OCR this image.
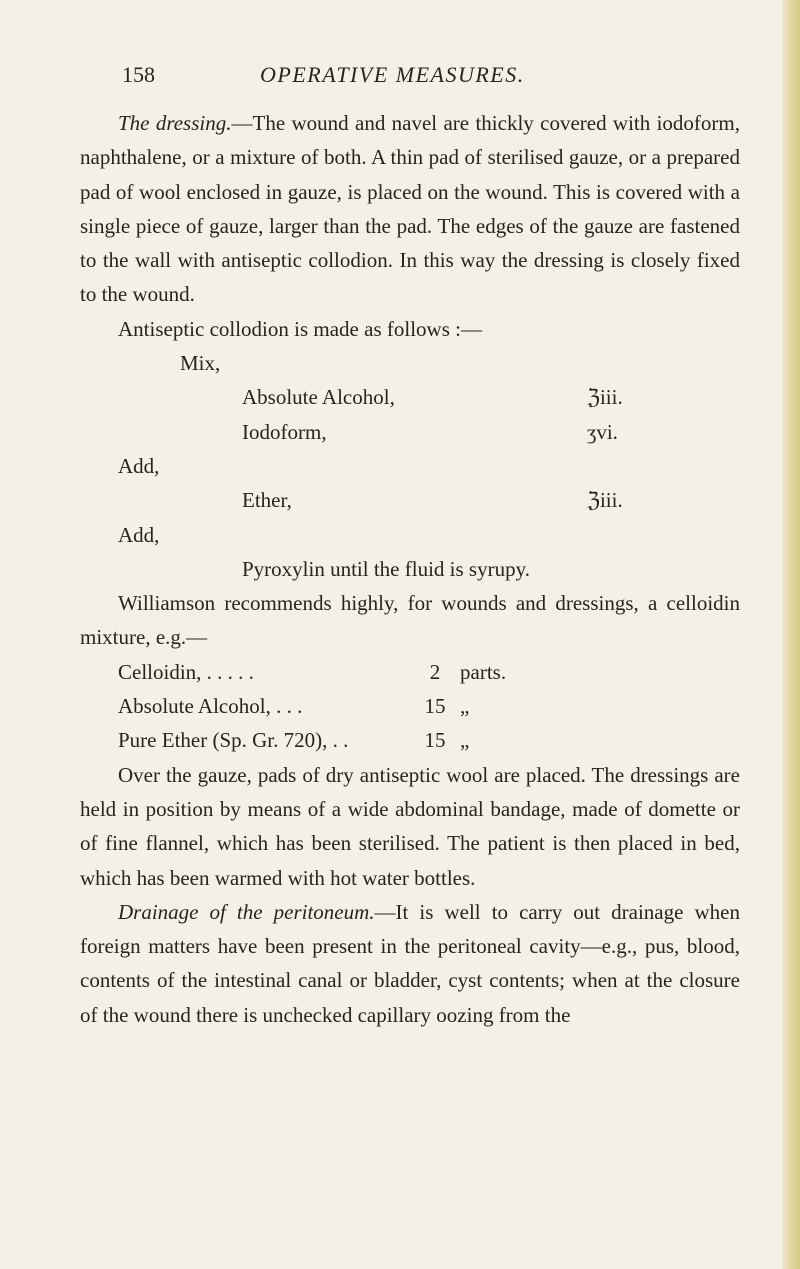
158	OPERATIVE MEASURES.

The dressing.—The wound and navel are thickly covered with iodoform, naphthalene, or a mixture of both. A thin pad of sterilised gauze, or a prepared pad of wool enclosed in gauze, is placed on the wound. This is covered with a single piece of gauze, larger than the pad. The edges of the gauze are fastened to the wall with antiseptic collodion. In this way the dressing is closely fixed to the wound.

Antiseptic collodion is made as follows :—

Mix,
Absolute Alcohol,	ℨiii.
Iodoform,	ʒvi.
Add,
Ether,	ℨiii.
Add,
Pyroxylin until the fluid is syrupy.

Williamson recommends highly, for wounds and dressings, a celloidin mixture, e.g.—

Celloidin, . . . . .	2 parts.
Absolute Alcohol, . . .	15 „
Pure Ether (Sp. Gr. 720), . .	15 „

Over the gauze, pads of dry antiseptic wool are placed. The dressings are held in position by means of a wide abdominal bandage, made of domette or of fine flannel, which has been sterilised. The patient is then placed in bed, which has been warmed with hot water bottles.

Drainage of the peritoneum.—It is well to carry out drainage when foreign matters have been present in the peritoneal cavity—e.g., pus, blood, contents of the intestinal canal or bladder, cyst contents; when at the closure of the wound there is unchecked capillary oozing from the
